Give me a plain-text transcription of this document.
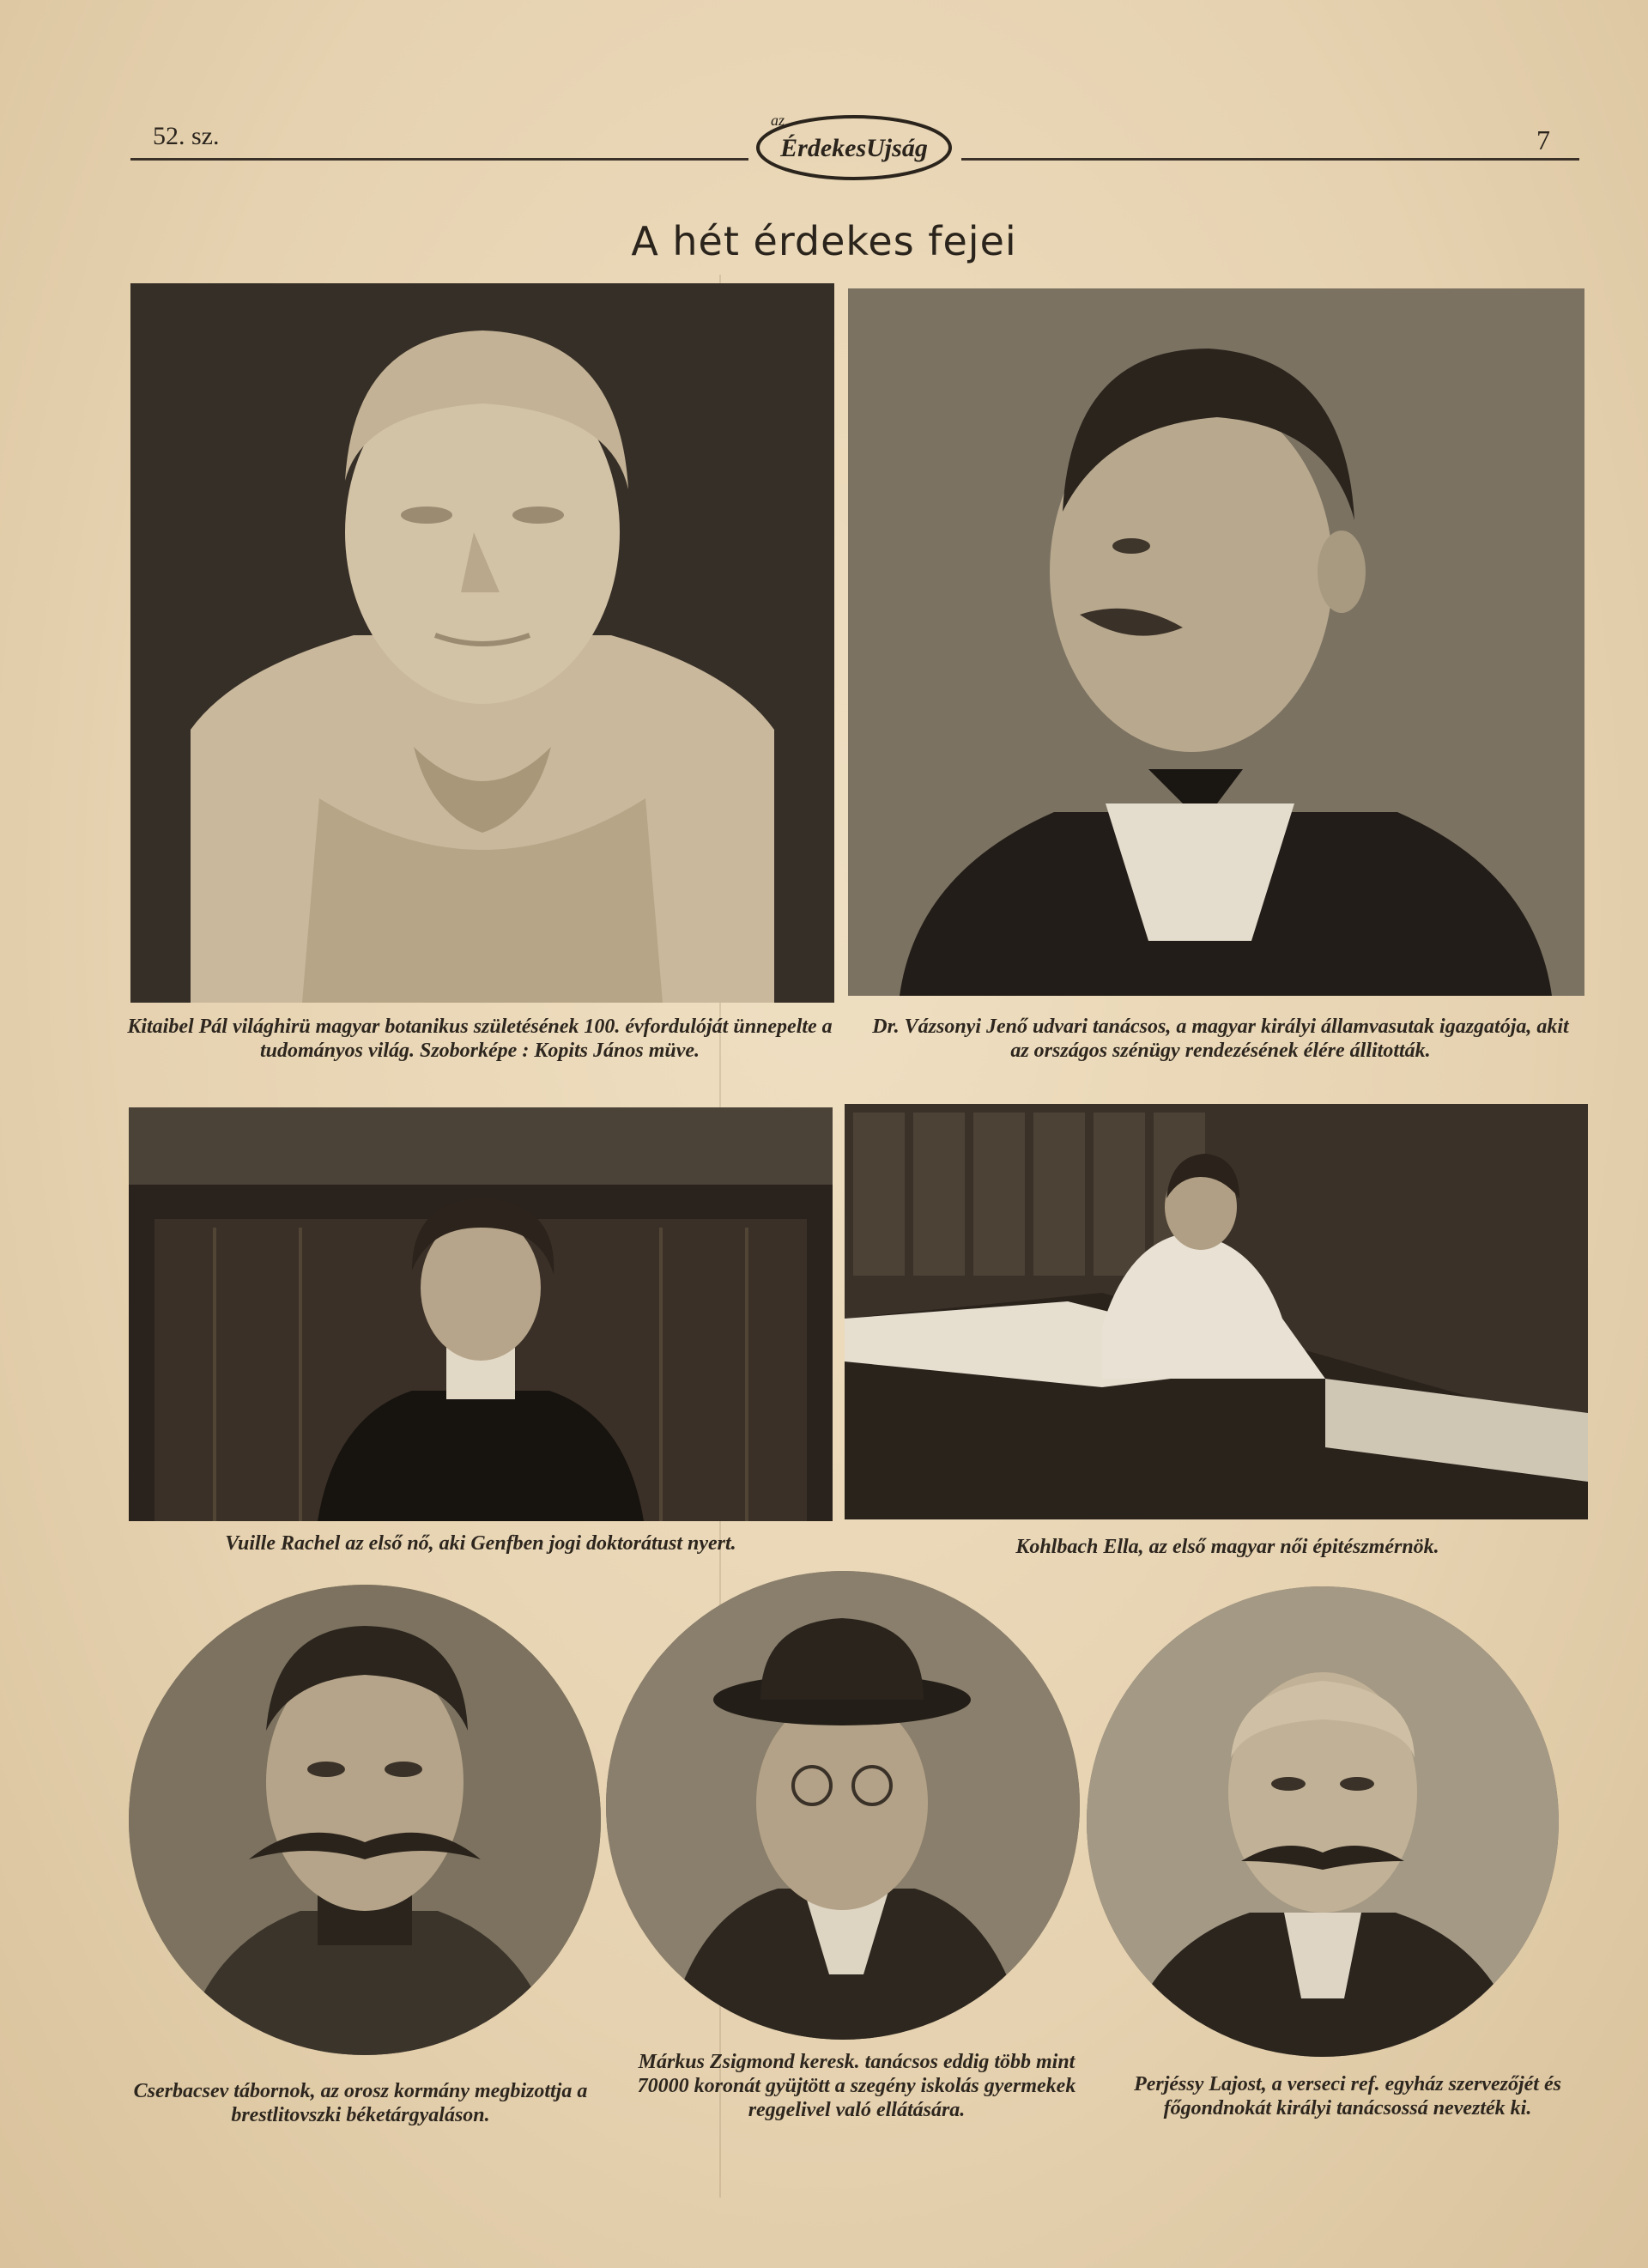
52. sz.	7
ÉrdekesUjság
az
A hét érdekes fejei
Kitaibel Pál világhirü magyar botanikus születésének 100. évfordulóját ünnepelte a tudományos világ. Szoborképe : Kopits János müve.
Dr. Vázsonyi Jenő udvari tanácsos, a magyar királyi államvasutak igazgatója, akit az országos szénügy rendezésének élére állitották.
Vuille Rachel az első nő, aki Genfben jogi doktorátust nyert.	Kohlbach Ella, az első magyar női épitészmérnök.
Cserbacsev tábornok, az orosz kormány megbizottja a brestlitovszki béketárgyaláson.
Márkus Zsigmond keresk. tanácsos eddig több mint 70000 koronát gyüjtött a szegény iskolás gyermekek reggelivel való ellátására.
Perjéssy Lajost, a verseci ref. egyház szervezőjét és főgondnokát királyi tanácsossá nevezték ki.
